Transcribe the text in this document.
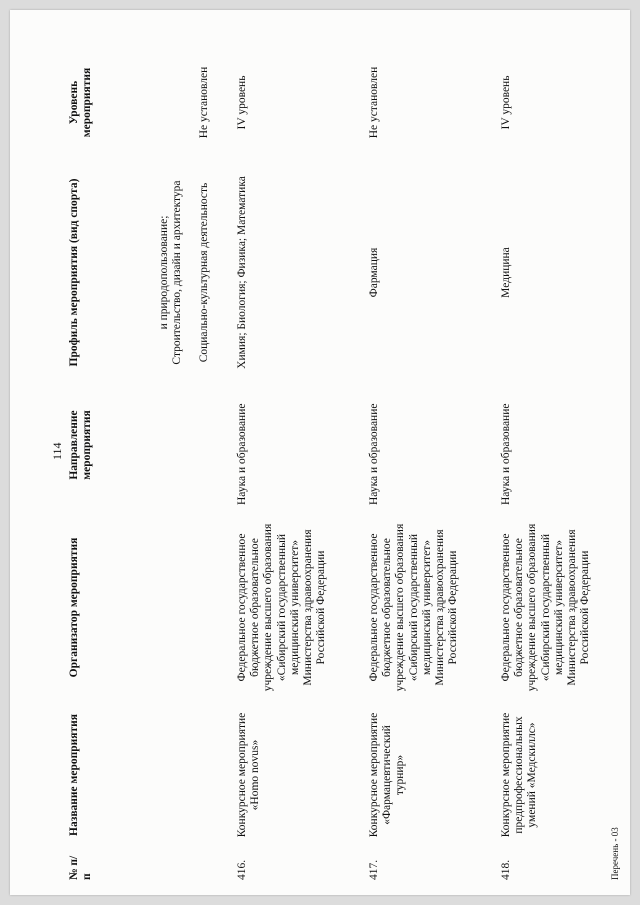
114
№ п/п
Название мероприятия
Организатор мероприятия
Направление мероприятия
Профиль мероприятия (вид спорта)
Уровень мероприятия
и природопользование; Строительство, дизайн и архитектура Социально-культурная деятельность
Не установлен
416.
Конкурсное мероприятие «Homo novus»
Федеральное государственное бюджетное образовательное учреждение высшего образования «Сибирский государственный медицинский университет» Министерства здравоохранения Российской Федерации
Наука и образование
Химия; Биология; Физика; Математика
IV уровень
417.
Конкурсное мероприятие «Фармацевтический турнир»
Федеральное государственное бюджетное образовательное учреждение высшего образования «Сибирский государственный медицинский университет» Министерства здравоохранения Российской Федерации
Наука и образование
Фармация
Не установлен
418.
Конкурсное мероприятие предпрофессиональных умений «Медскиллс»
Федеральное государственное бюджетное образовательное учреждение высшего образования «Сибирский государственный медицинский университет» Министерства здравоохранения Российской Федерации
Наука и образование
Медицина
IV уровень
Перечень - 03
